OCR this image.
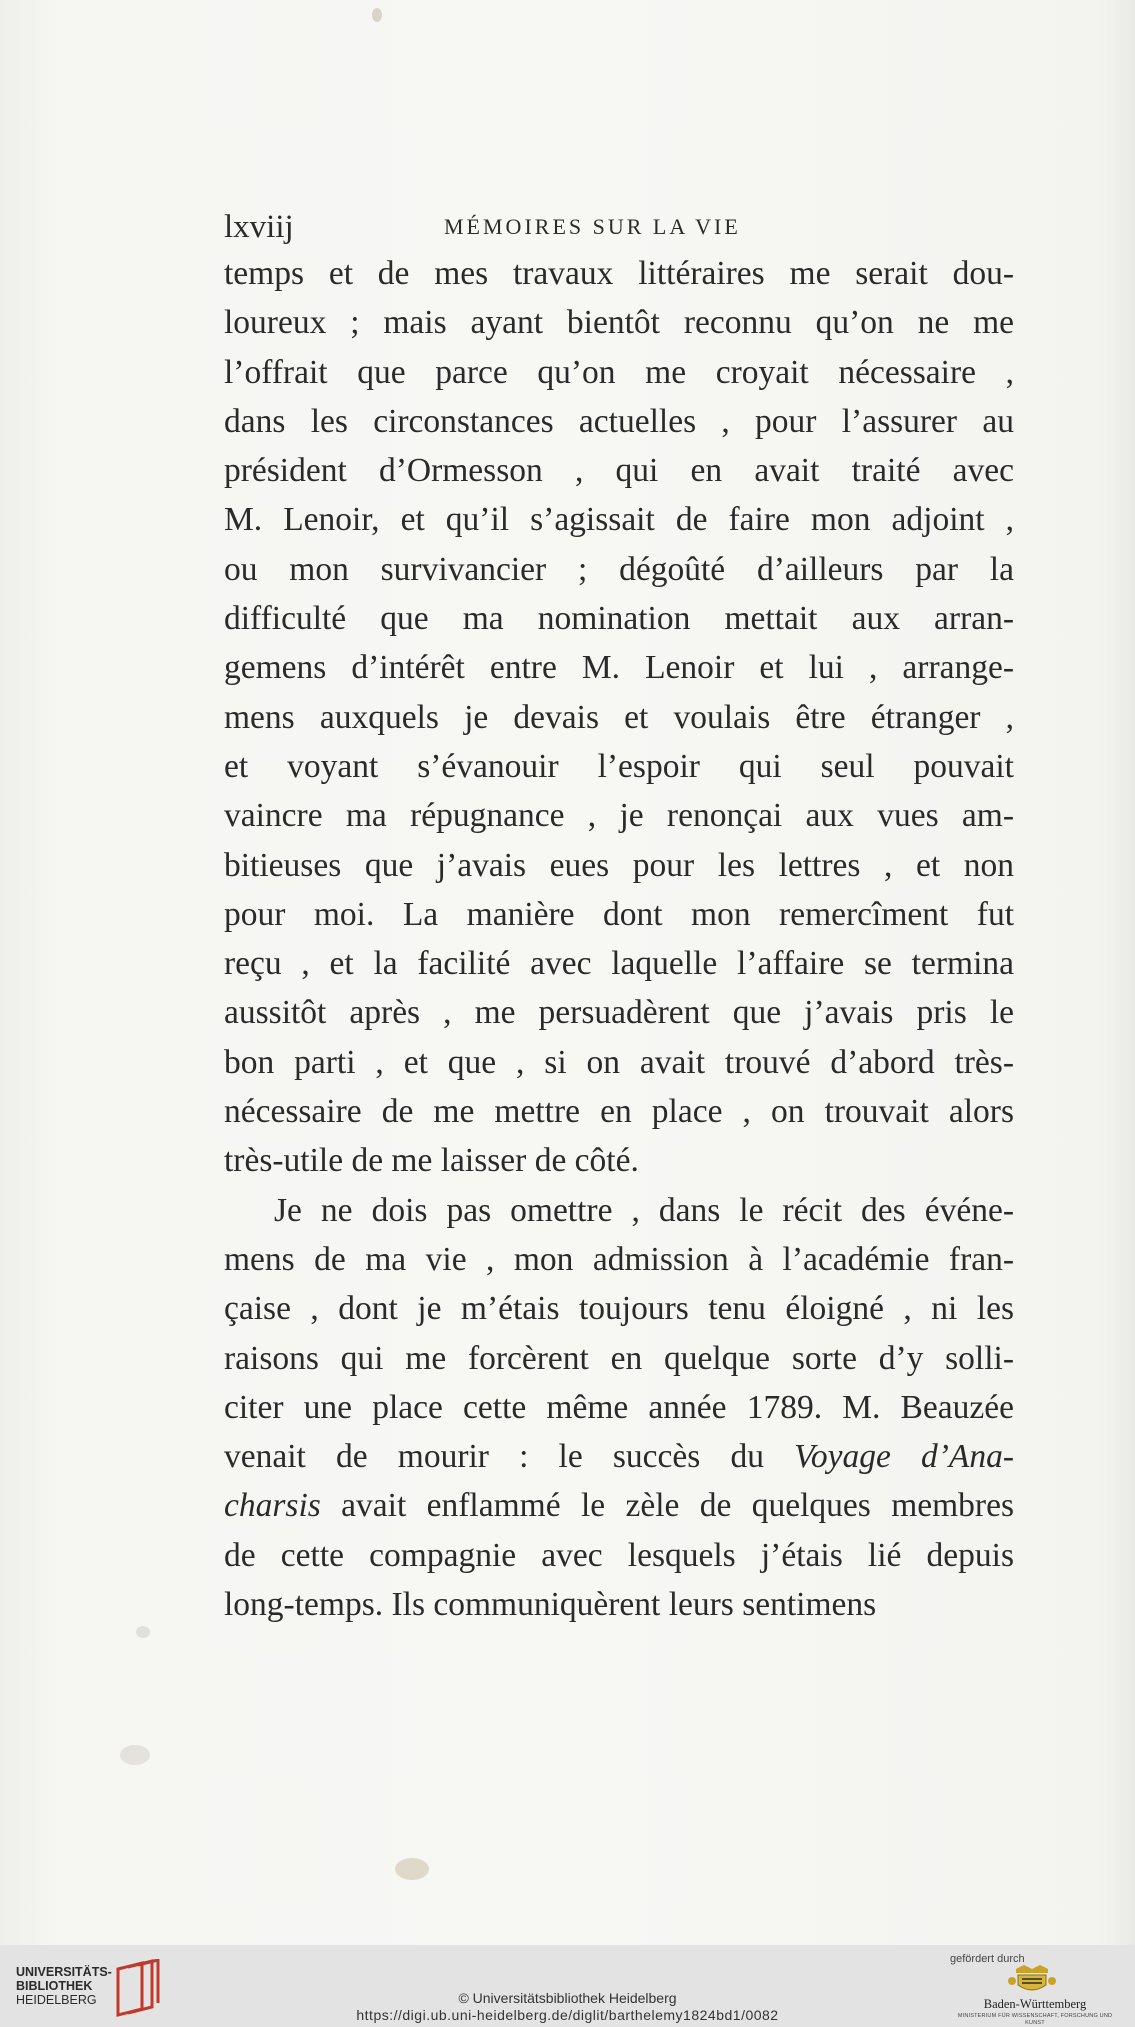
lxviij	MÉMOIRES SUR LA VIE
temps et de mes travaux littéraires me serait dou-
loureux ; mais ayant bientôt reconnu qu’on ne me
l’offrait que parce qu’on me croyait nécessaire ,
dans les circonstances actuelles , pour l’assurer au
président d’Ormesson , qui en avait traité avec
M. Lenoir, et qu’il s’agissait de faire mon adjoint ,
ou mon survivancier ; dégoûté d’ailleurs par la
difficulté que ma nomination mettait aux arran-
gemens d’intérêt entre M. Lenoir et lui , arrange-
mens auxquels je devais et voulais être étranger ,
et voyant s’évanouir l’espoir qui seul pouvait
vaincre ma répugnance , je renonçai aux vues am-
bitieuses que j’avais eues pour les lettres , et non
pour moi. La manière dont mon remercîment fut
reçu , et la facilité avec laquelle l’affaire se termina
aussitôt après , me persuadèrent que j’avais pris le
bon parti , et que , si on avait trouvé d’abord très-
nécessaire de me mettre en place , on trouvait alors
très-utile de me laisser de côté.
Je ne dois pas omettre , dans le récit des événe-
mens de ma vie , mon admission à l’académie fran-
çaise , dont je m’étais toujours tenu éloigné , ni les
raisons qui me forcèrent en quelque sorte d’y solli-
citer une place cette même année 1789. M. Beauzée
venait de mourir : le succès du Voyage d’Ana-
charsis avait enflammé le zèle de quelques membres
de cette compagnie avec lesquels j’étais lié depuis
long-temps. Ils communiquèrent leurs sentimens
UNIVERSITÄTS-
BIBLIOTHEK
HEIDELBERG	© Universitätsbibliothek Heidelberg
https://digi.ub.uni-heidelberg.de/diglit/barthelemy1824bd1/0082
gefördert durch
Baden-Württemberg
MINISTERIUM FÜR WISSENSCHAFT, FORSCHUNG UND KUNST
